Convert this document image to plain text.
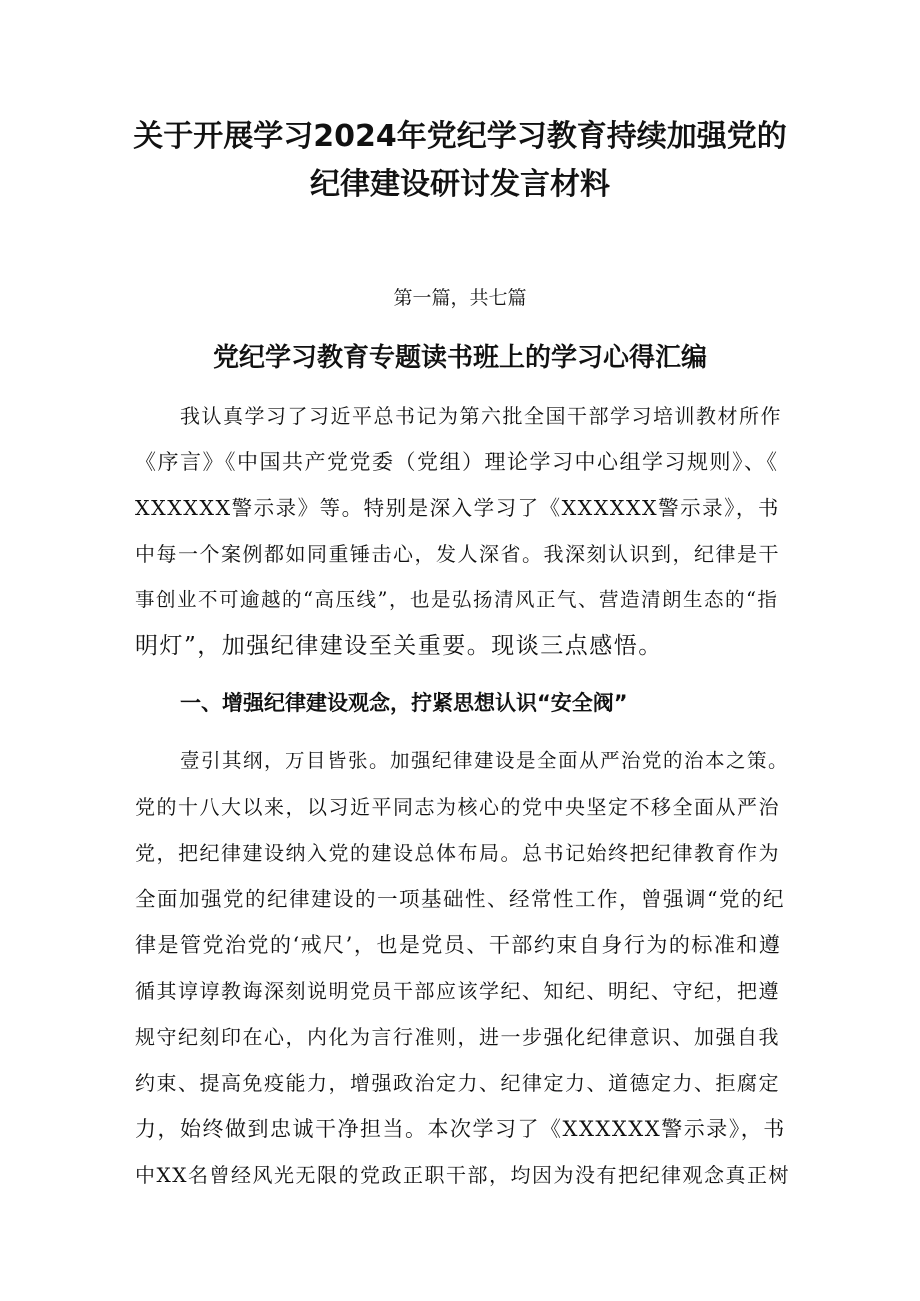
关于开展学习2024年党纪学习教育持续加强党的
纪律建设研讨发言材料

第一篇，共七篇

党纪学习教育专题读书班上的学习心得汇编
我认真学习了习近平总书记为第六批全国干部学习培训教材所作
《序言》《中国共产党党委（党组）理论学习中心组学习规则》、《
XXXXXX警示录》等。特别是深入学习了《XXXXXX警示录》，书
中每一个案例都如同重锤击心，发人深省。我深刻认识到，纪律是干
事创业不可逾越的“高压线”，也是弘扬清风正气、营造清朗生态的“指
明灯”，加强纪律建设至关重要。现谈三点感悟。
一、增强纪律建设观念，拧紧思想认识“安全阀”
壹引其纲，万目皆张。加强纪律建设是全面从严治党的治本之策。
党的十八大以来，以习近平同志为核心的党中央坚定不移全面从严治
党，把纪律建设纳入党的建设总体布局。总书记始终把纪律教育作为
全面加强党的纪律建设的一项基础性、经常性工作，曾强调“党的纪
律是管党治党的‘戒尺’，也是党员、干部约束自身行为的标准和遵
循其谆谆教诲深刻说明党员干部应该学纪、知纪、明纪、守纪，把遵
规守纪刻印在心，内化为言行准则，进一步强化纪律意识、加强自我
约束、提高免疫能力，增强政治定力、纪律定力、道德定力、拒腐定
力，始终做到忠诚干净担当。本次学习了《XXXXXX警示录》，书
中XX名曾经风光无限的党政正职干部，均因为没有把纪律观念真正树
